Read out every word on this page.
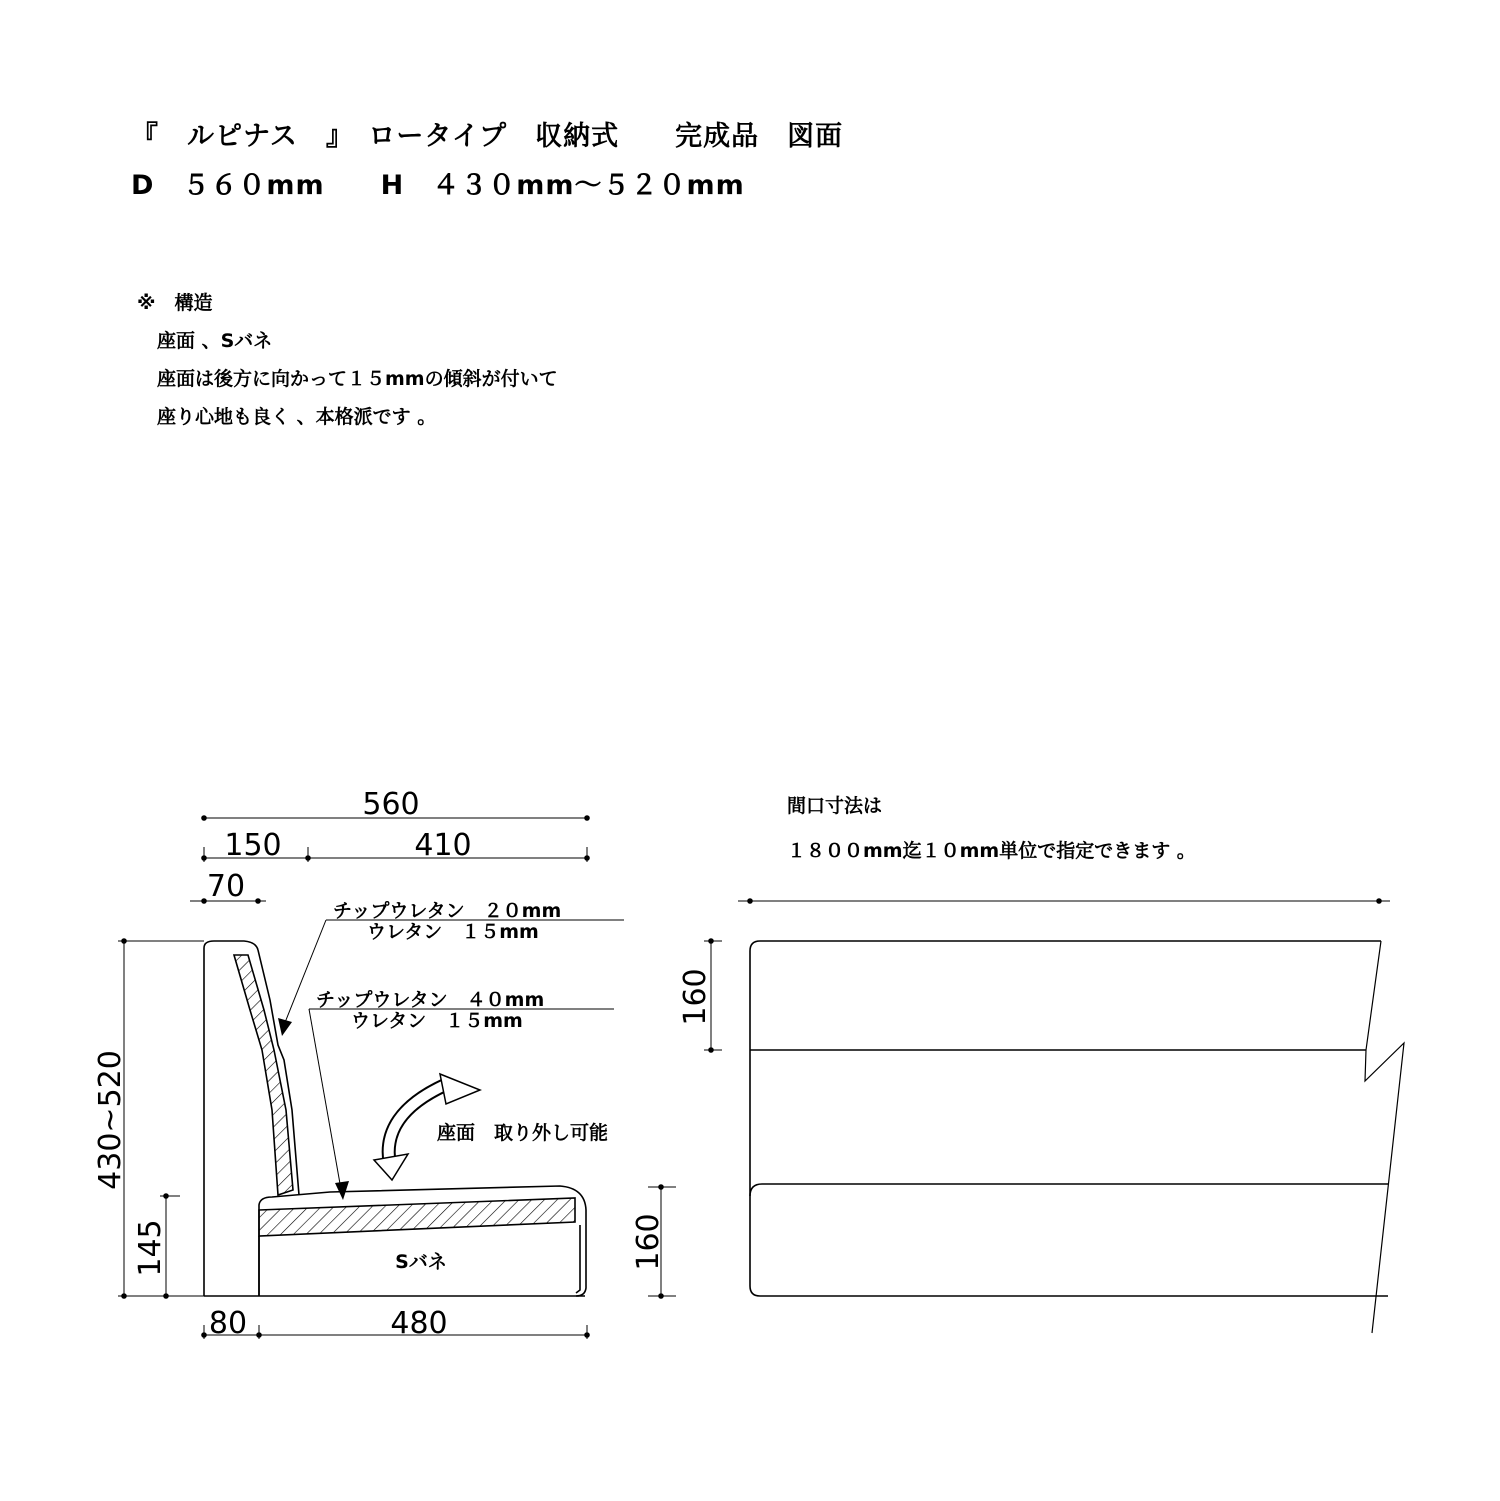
『　ルピナス　』　ロータイプ　収納式　　完成品　図面
D　５６０mm　　H　４３０mm～５２０mm
※　構造
座面 、Sバネ
座面は後方に向かって１５mmの傾斜が付いて
座り心地も良く 、本格派です 。
560
150	410
70
430~520
145
80	480
160
チップウレタン　２０mm
ウレタン　１５mm
チップウレタン　４０mm
ウレタン　１５mm
座面　取り外し可能
Sバネ
間口寸法は
１８００mm迄１０mm単位で指定できます 。
160
